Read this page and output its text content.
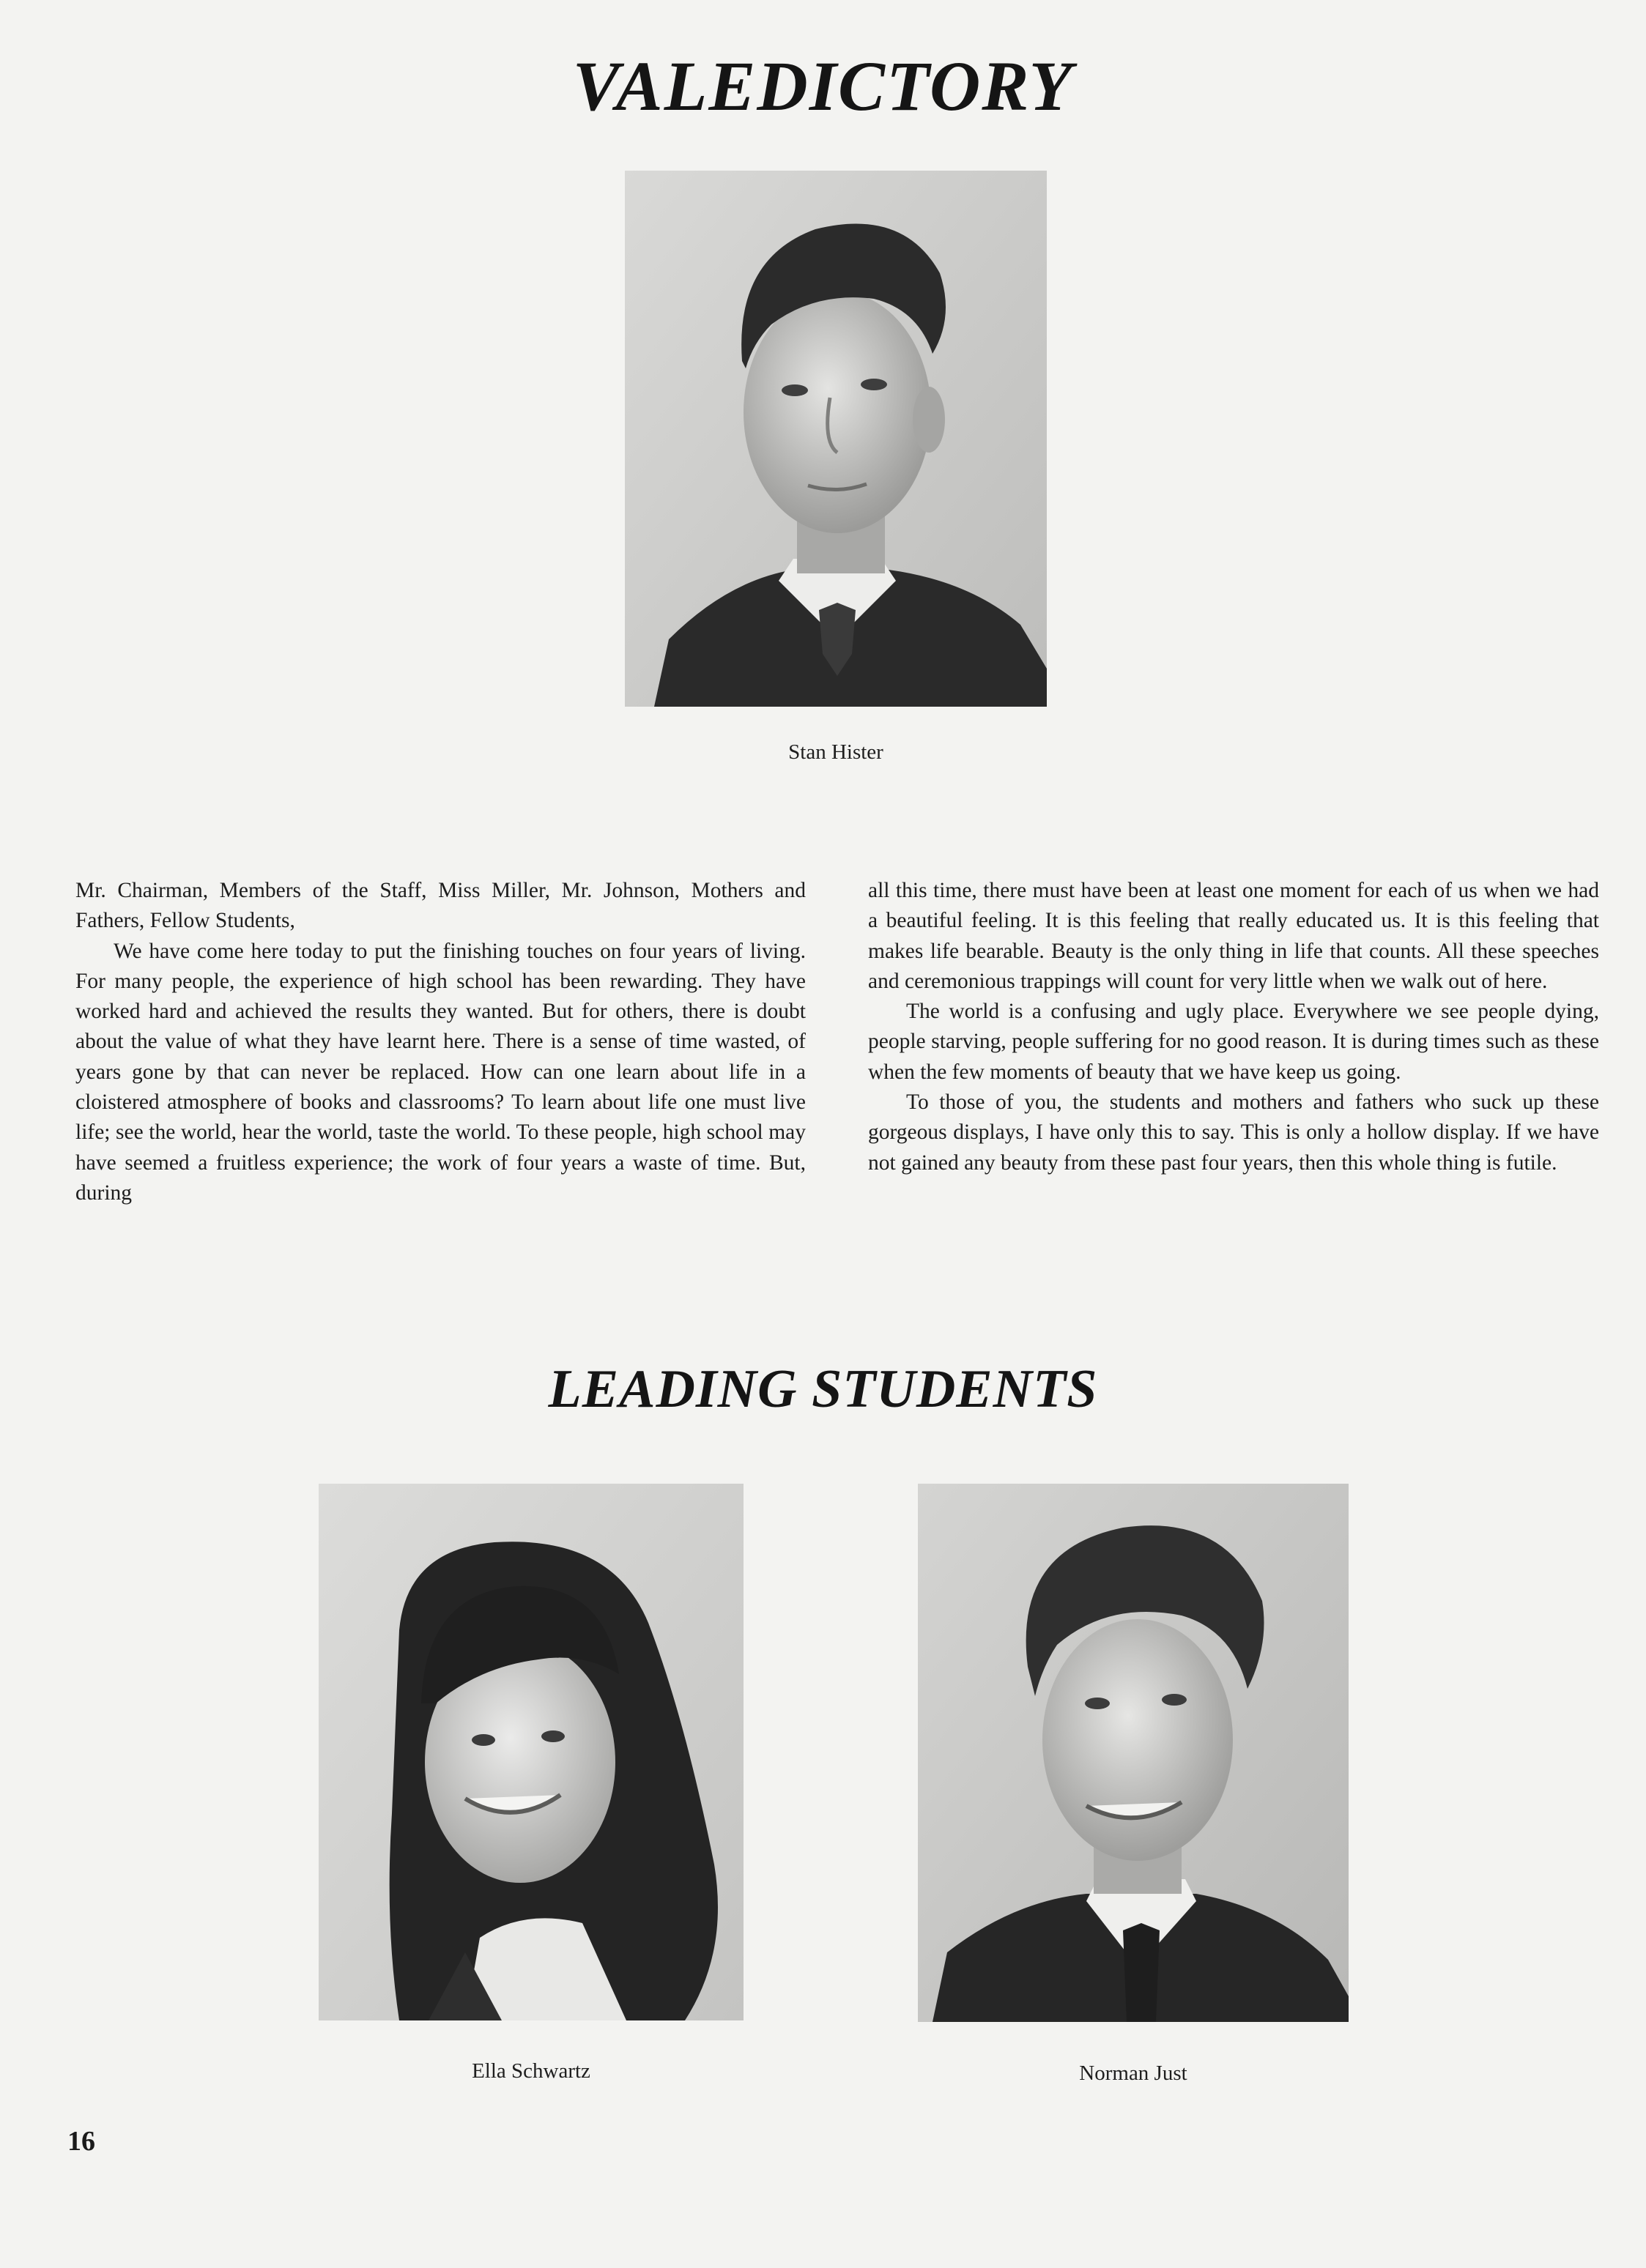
VALEDICTORY
Stan Hister

Mr. Chairman, Members of the Staff, Miss Miller, Mr. Johnson, Mothers and Fathers, Fellow Students,

We have come here today to put the finishing touches on four years of living. For many people, the experience of high school has been rewarding. They have worked hard and achieved the results they wanted. But for others, there is doubt about the value of what they have learnt here. There is a sense of time wasted, of years gone by that can never be replaced. How can one learn about life in a cloistered atmosphere of books and classrooms? To learn about life one must live life; see the world, hear the world, taste the world. To these people, high school may have seemed a fruitless experience; the work of four years a waste of time. But, during

all this time, there must have been at least one moment for each of us when we had a beautiful feeling. It is this feeling that really educated us. It is this feeling that makes life bearable. Beauty is the only thing in life that counts. All these speeches and ceremonious trappings will count for very little when we walk out of here.

The world is a confusing and ugly place. Everywhere we see people dying, people starving, people suffering for no good reason. It is during times such as these when the few moments of beauty that we have keep us going.

To those of you, the students and mothers and fathers who suck up these gorgeous displays, I have only this to say. This is only a hollow display. If we have not gained any beauty from these past four years, then this whole thing is futile.

LEADING STUDENTS
Ella Schwartz	Norman Just
16
